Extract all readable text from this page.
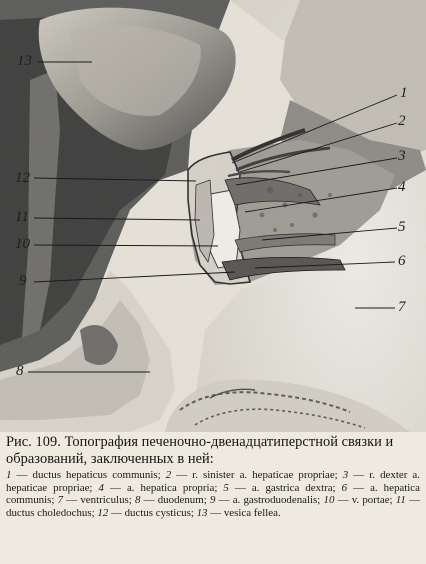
13
12
11
10
9
8
1
2
3
4
5
6
7

Рис. 109. Топография печеночно-двенадцатиперстной связки и образований, заключенных в ней:

1 — ductus hepaticus communis; 2 — r. sinister a. hepaticae propriae; 3 — r. dexter a. hepaticae propriae; 4 — a. hepatica propria; 5 — a. gastrica dextra; 6 — a. hepatica communis; 7 — ventriculus; 8 — duodenum; 9 — a. gastroduodenalis; 10 — v. portae; 11 — ductus choledochus; 12 — ductus cysticus; 13 — vesica fellea.
